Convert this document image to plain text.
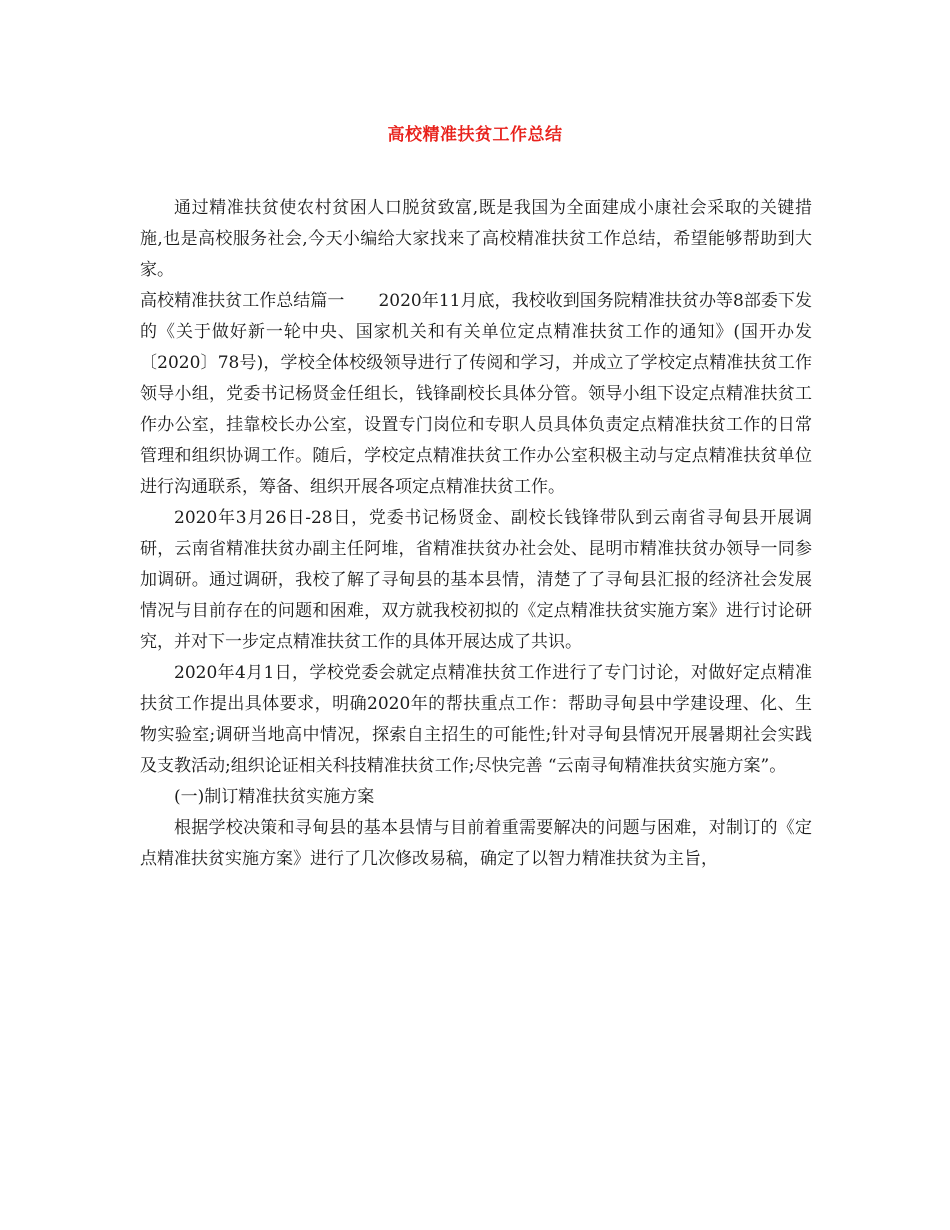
高校精准扶贫工作总结

通过精准扶贫使农村贫困人口脱贫致富,既是我国为全面建成小康社会采取的关键措施,也是高校服务社会,今天小编给大家找来了高校精准扶贫工作总结，希望能够帮助到大家。

高校精准扶贫工作总结篇一　　2020年11月底，我校收到国务院精准扶贫办等8部委下发的《关于做好新一轮中央、国家机关和有关单位定点精准扶贫工作的通知》(国开办发〔2020〕78号)，学校全体校级领导进行了传阅和学习，并成立了学校定点精准扶贫工作领导小组，党委书记杨贤金任组长，钱锋副校长具体分管。领导小组下设定点精准扶贫工作办公室，挂靠校长办公室，设置专门岗位和专职人员具体负责定点精准扶贫工作的日常管理和组织协调工作。随后，学校定点精准扶贫工作办公室积极主动与定点精准扶贫单位进行沟通联系，筹备、组织开展各项定点精准扶贫工作。

2020年3月26日-28日，党委书记杨贤金、副校长钱锋带队到云南省寻甸县开展调研，云南省精准扶贫办副主任阿堆，省精准扶贫办社会处、昆明市精准扶贫办领导一同参加调研。通过调研，我校了解了寻甸县的基本县情，清楚了了寻甸县汇报的经济社会发展情况与目前存在的问题和困难，双方就我校初拟的《定点精准扶贫实施方案》进行讨论研究，并对下一步定点精准扶贫工作的具体开展达成了共识。

2020年4月1日，学校党委会就定点精准扶贫工作进行了专门讨论，对做好定点精准扶贫工作提出具体要求，明确2020年的帮扶重点工作：帮助寻甸县中学建设理、化、生物实验室;调研当地高中情况，探索自主招生的可能性;针对寻甸县情况开展暑期社会实践及支教活动;组织论证相关科技精准扶贫工作;尽快完善 “云南寻甸精准扶贫实施方案”。

(一)制订精准扶贫实施方案

根据学校决策和寻甸县的基本县情与目前着重需要解决的问题与困难，对制订的《定点精准扶贫实施方案》进行了几次修改易稿，确定了以智力精准扶贫为主旨，
